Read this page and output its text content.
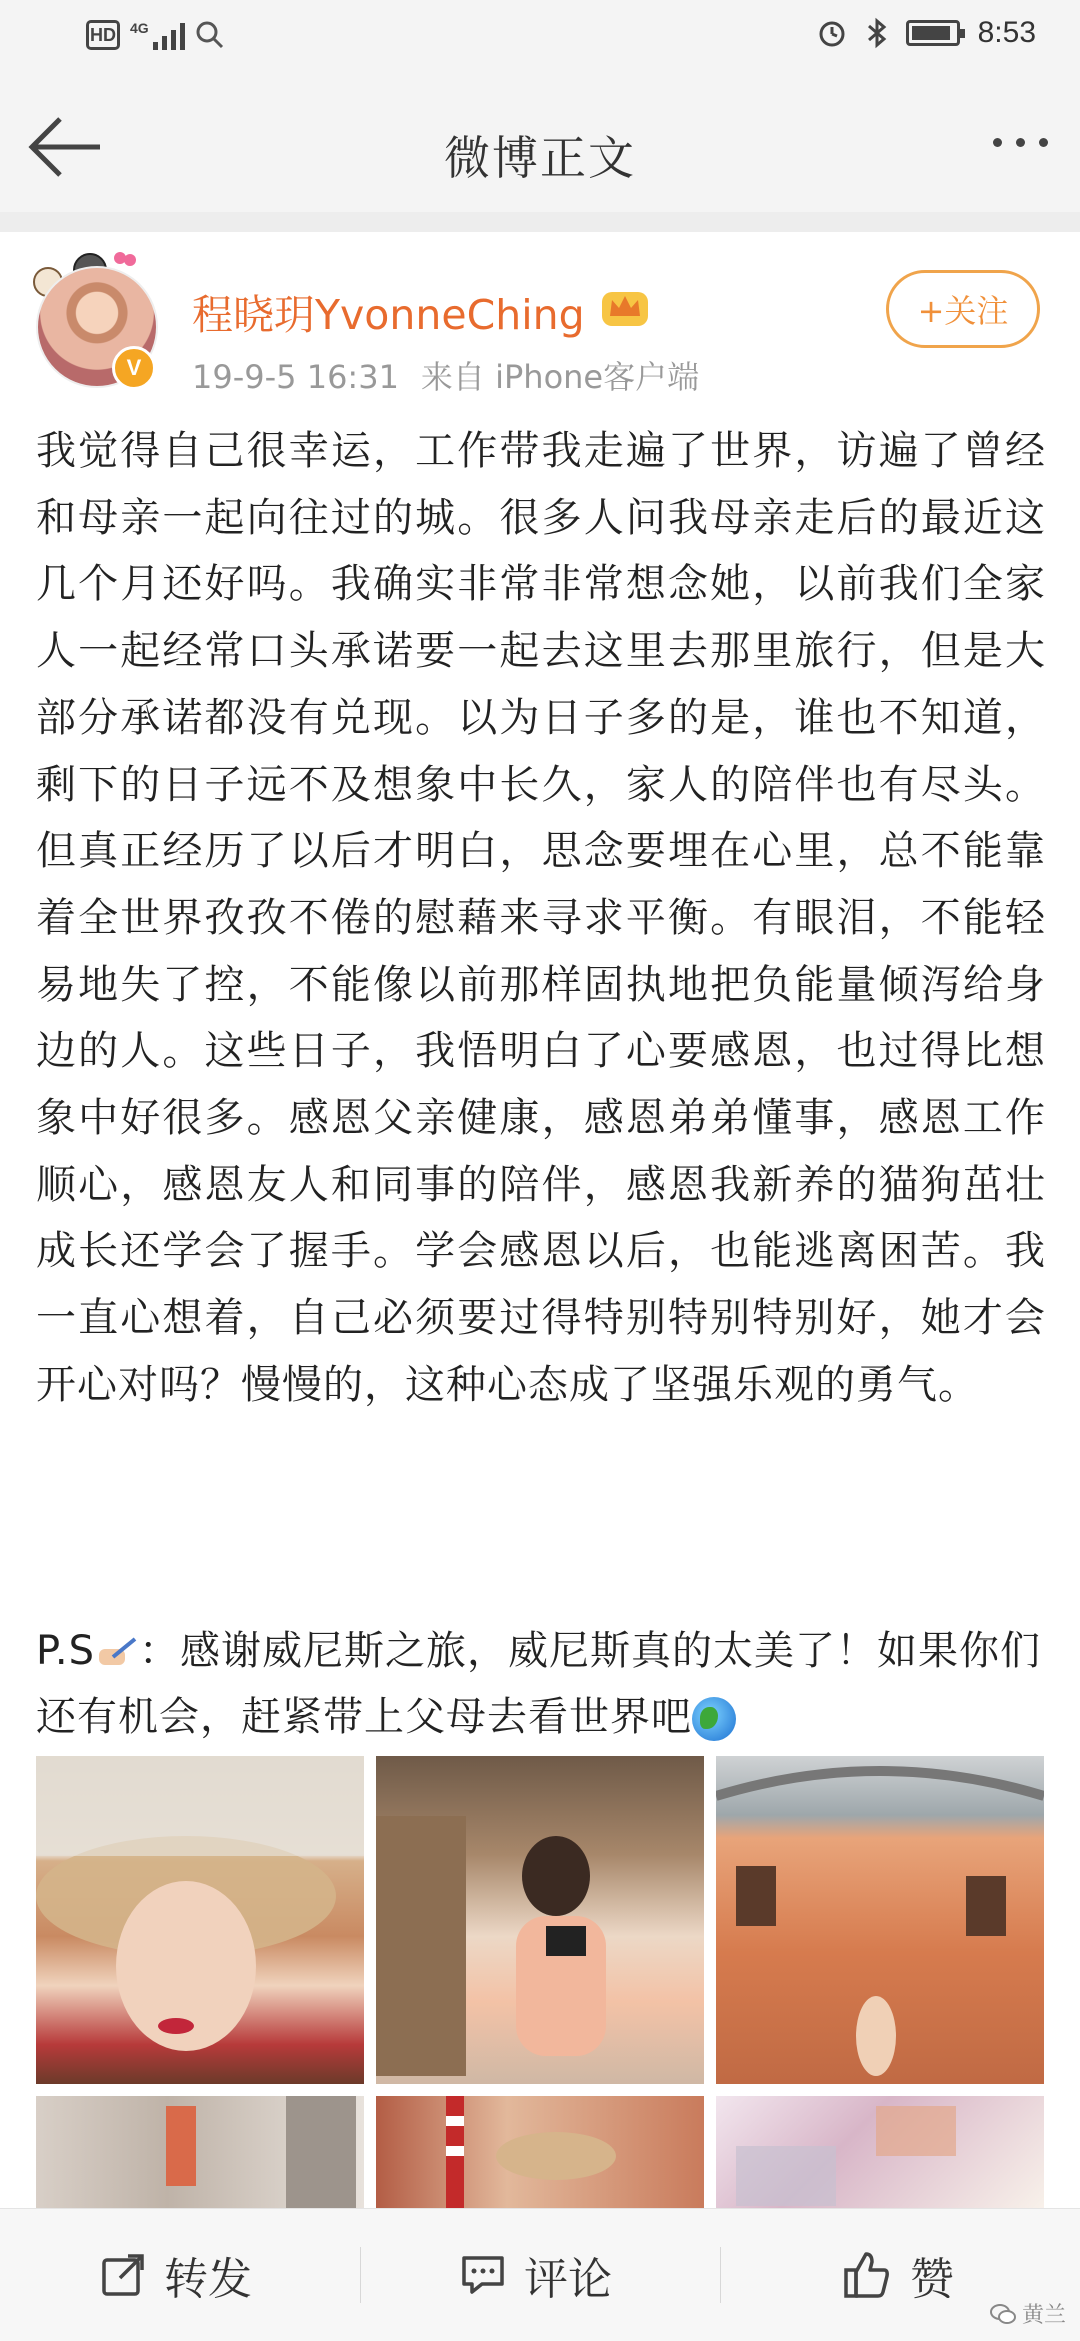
HD 4G	8:53
微博正文
V
程晓玥YvonneChing
19-9-5 16:31 来自 iPhone客户端
+关注
我觉得自己很幸运，工作带我走遍了世界，访遍了曾经和母亲一起向往过的城。很多人问我母亲走后的最近这几个月还好吗。我确实非常非常想念她，以前我们全家人一起经常口头承诺要一起去这里去那里旅行，但是大部分承诺都没有兑现。以为日子多的是，谁也不知道，剩下的日子远不及想象中长久，家人的陪伴也有尽头。但真正经历了以后才明白，思念要埋在心里，总不能靠着全世界孜孜不倦的慰藉来寻求平衡。有眼泪，不能轻易地失了控，不能像以前那样固执地把负能量倾泻给身边的人。这些日子，我悟明白了心要感恩，也过得比想象中好很多。感恩父亲健康，感恩弟弟懂事，感恩工作顺心，感恩友人和同事的陪伴，感恩我新养的猫狗茁壮成长还学会了握手。学会感恩以后，也能逃离困苦。我一直心想着，自己必须要过得特别特别特别好，她才会开心对吗？慢慢的，这种心态成了坚强乐观的勇气。
P.S ：感谢威尼斯之旅，威尼斯真的太美了！如果你们还有机会，赶紧带上父母去看世界吧
转发	评论	赞
黄兰
